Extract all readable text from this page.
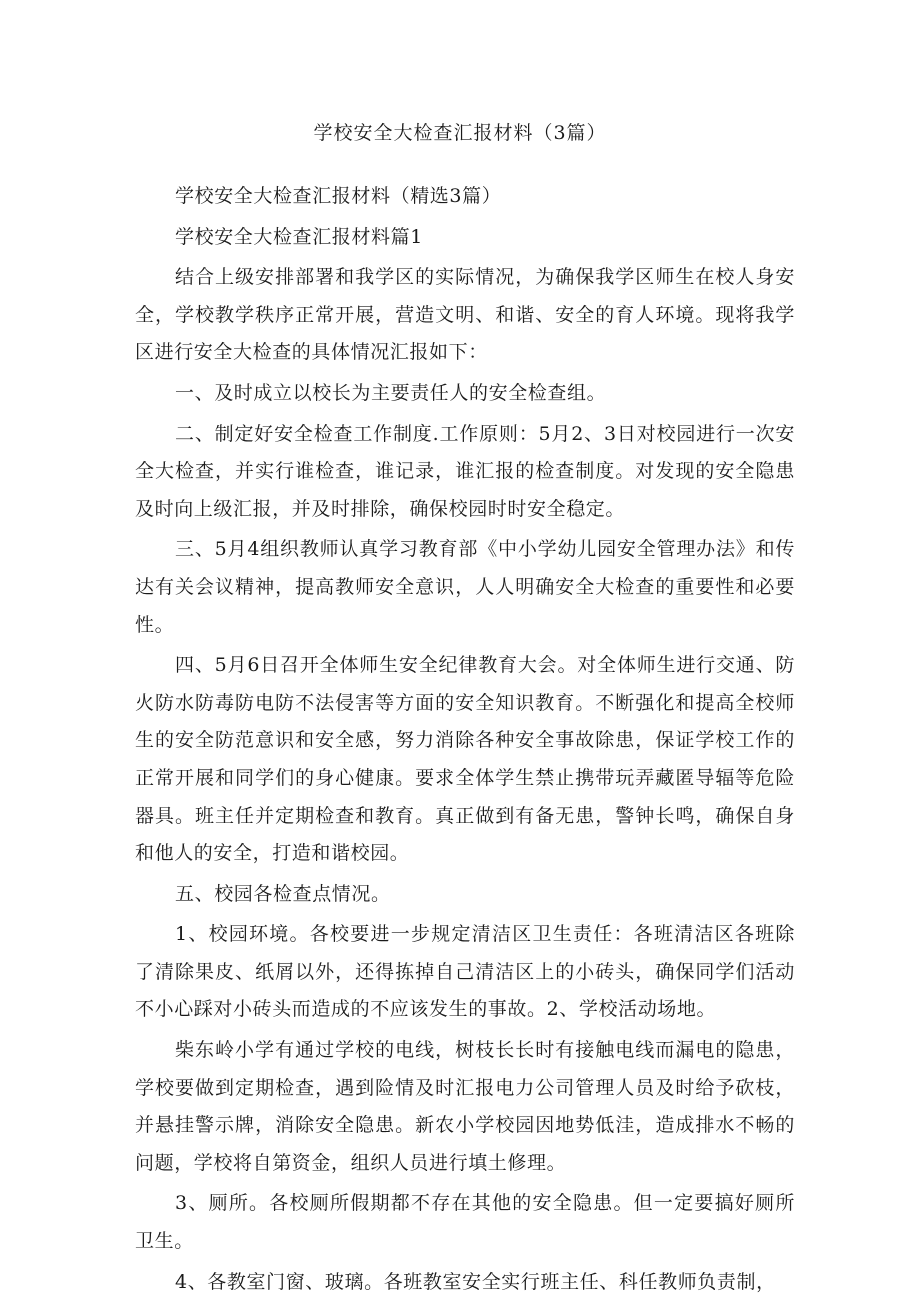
学校安全大检查汇报材料（3篇）

学校安全大检查汇报材料（精选3篇）

学校安全大检查汇报材料篇1

结合上级安排部署和我学区的实际情况，为确保我学区师生在校人身安全，学校教学秩序正常开展，营造文明、和谐、安全的育人环境。现将我学区进行安全大检查的具体情况汇报如下：

一、及时成立以校长为主要责任人的安全检查组。

二、制定好安全检查工作制度.工作原则：5月2、3日对校园进行一次安全大检查，并实行谁检查，谁记录，谁汇报的检查制度。对发现的安全隐患及时向上级汇报，并及时排除，确保校园时时安全稳定。

三、5月4组织教师认真学习教育部《中小学幼儿园安全管理办法》和传达有关会议精神，提高教师安全意识，人人明确安全大检查的重要性和必要性。

四、5月6日召开全体师生安全纪律教育大会。对全体师生进行交通、防火防水防毒防电防不法侵害等方面的安全知识教育。不断强化和提高全校师生的安全防范意识和安全感，努力消除各种安全事故除患，保证学校工作的正常开展和同学们的身心健康。要求全体学生禁止携带玩弄藏匿导辐等危险器具。班主任并定期检查和教育。真正做到有备无患，警钟长鸣，确保自身和他人的安全，打造和谐校园。

五、校园各检查点情况。

1、校园环境。各校要进一步规定清洁区卫生责任：各班清洁区各班除了清除果皮、纸屑以外，还得拣掉自己清洁区上的小砖头，确保同学们活动不小心踩对小砖头而造成的不应该发生的事故。2、学校活动场地。

柴东岭小学有通过学校的电线，树枝长长时有接触电线而漏电的隐患，学校要做到定期检查，遇到险情及时汇报电力公司管理人员及时给予砍枝，并悬挂警示牌，消除安全隐患。新农小学校园因地势低洼，造成排水不畅的问题，学校将自第资金，组织人员进行填土修理。

3、厕所。各校厕所假期都不存在其他的安全隐患。但一定要搞好厕所卫生。

4、各教室门窗、玻璃。各班教室安全实行班主任、科任教师负责制，
